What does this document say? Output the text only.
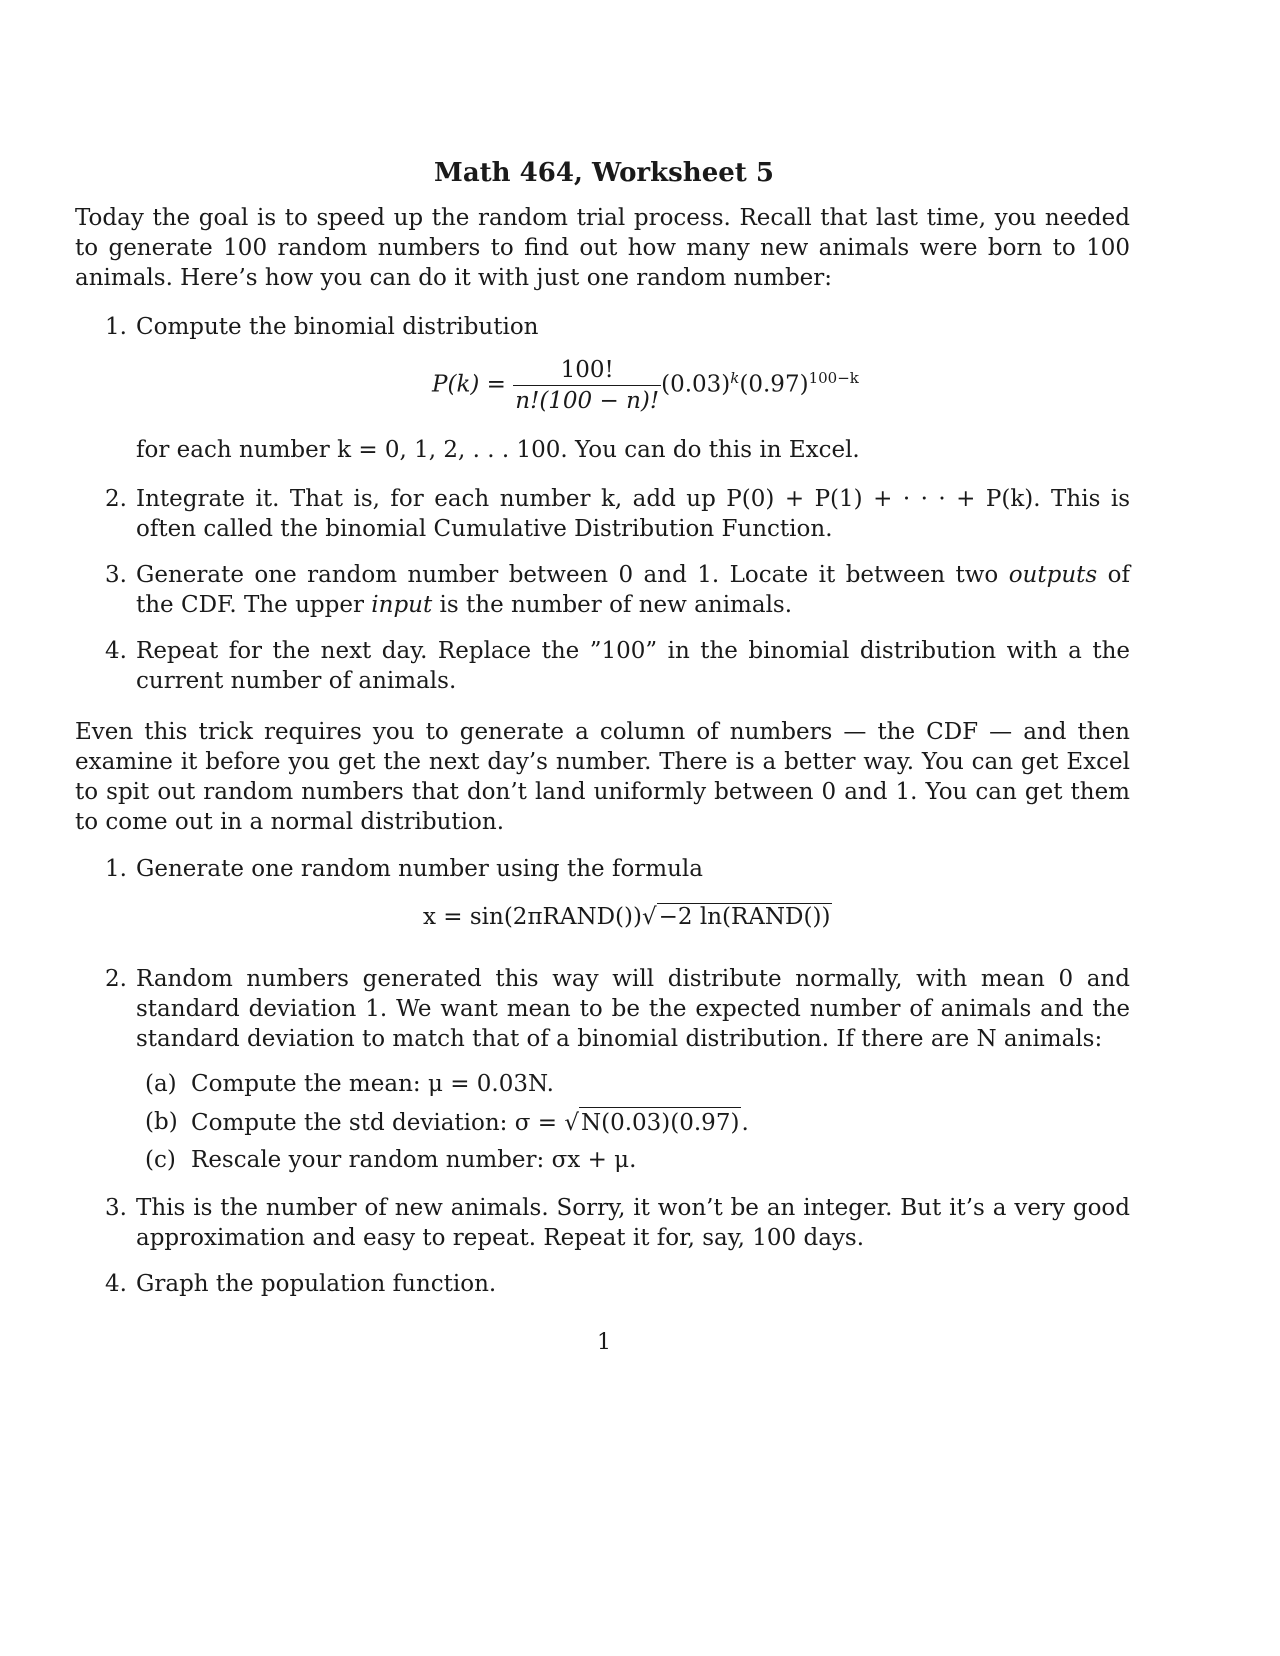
Math 464, Worksheet 5

Today the goal is to speed up the random trial process. Recall that last time, you needed to generate 100 random numbers to find out how many new animals were born to 100 animals. Here’s how you can do it with just one random number:

1. Compute the binomial distribution
$P(k) = \frac{100!}{n!(100 - n)!} (0.03)^k(0.97)^{100-k}$
for each number k = 0, 1, 2, . . . 100. You can do this in Excel.
2. Integrate it. That is, for each number k, add up P(0) + P(1) + · · · + P(k). This is often called the binomial Cumulative Distribution Function.
3. Generate one random number between 0 and 1. Locate it between two outputs of the CDF. The upper input is the number of new animals.
4. Repeat for the next day. Replace the ”100” in the binomial distribution with a the current number of animals.

Even this trick requires you to generate a column of numbers — the CDF — and then examine it before you get the next day’s number. There is a better way. You can get Excel to spit out random numbers that don’t land uniformly between 0 and 1. You can get them to come out in a normal distribution.

1. Generate one random number using the formula
x = sin(2πRAND())√−2 ln(RAND())
2. Random numbers generated this way will distribute normally, with mean 0 and standard deviation 1. We want mean to be the expected number of animals and the standard deviation to match that of a binomial distribution. If there are N animals:
(a) Compute the mean: μ = 0.03N.
(b) Compute the std deviation: σ = √N(0.03)(0.97).
(c) Rescale your random number: σx + μ.
3. This is the number of new animals. Sorry, it won’t be an integer. But it’s a very good approximation and easy to repeat. Repeat it for, say, 100 days.
4. Graph the population function.
1
